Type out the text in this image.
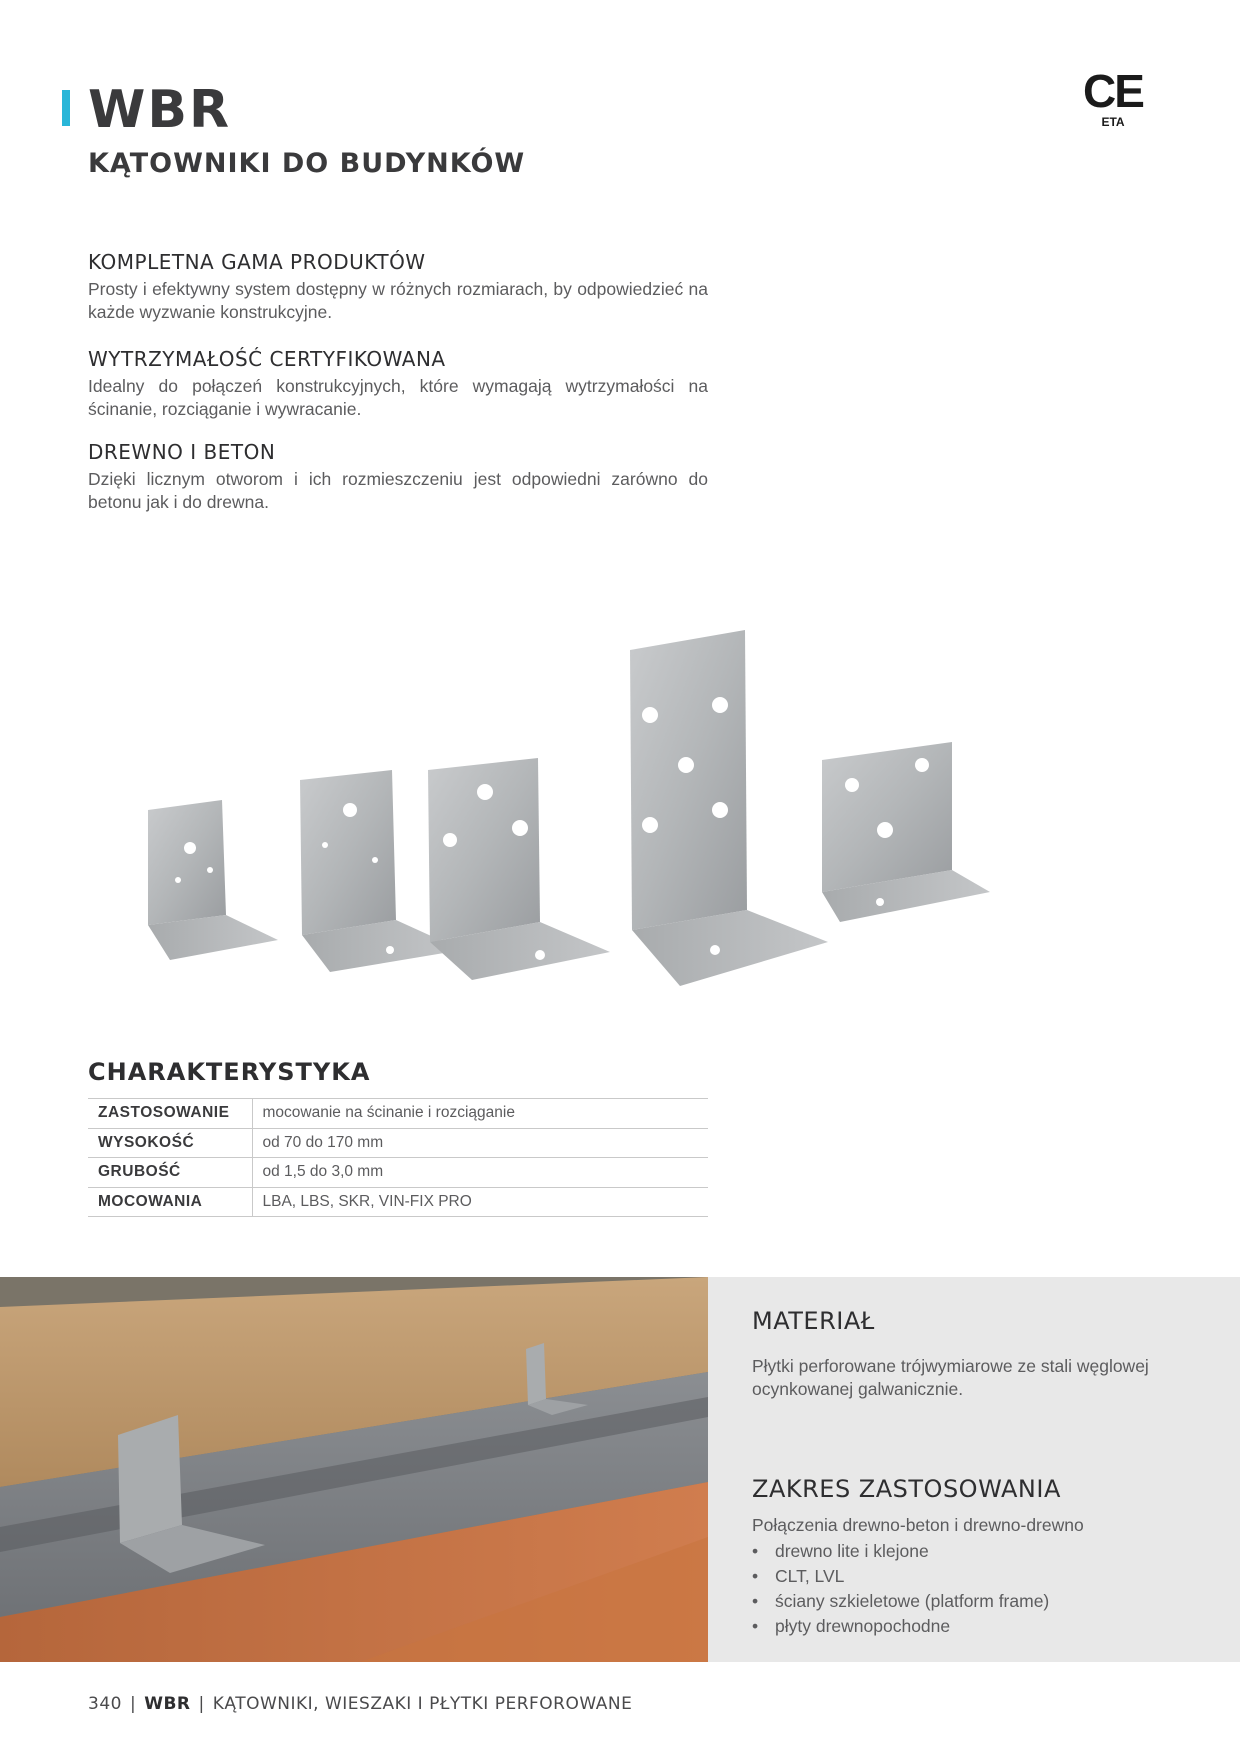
WBR
KĄTOWNIKI DO BUDYNKÓW
CE
ETA
KOMPLETNA GAMA PRODUKTÓW

Prosty i efektywny system dostępny w różnych rozmiarach, by odpowiedzieć na każde wyzwanie konstrukcyjne.

WYTRZYMAŁOŚĆ CERTYFIKOWANA

Idealny do połączeń konstrukcyjnych, które wymagają wytrzymałości na ścinanie, rozciąganie i wywracanie.

DREWNO I BETON

Dzięki licznym otworom i ich rozmieszczeniu jest odpowiedni zarówno do betonu jak i do drewna.

CHARAKTERYSTYKA
ZASTOSOWANIE	mocowanie na ścinanie i rozciąganie
WYSOKOŚĆ	od 70 do 170 mm
GRUBOŚĆ	od 1,5 do 3,0 mm
MOCOWANIA	LBA, LBS, SKR, VIN-FIX PRO
MATERIAŁ

Płytki perforowane trójwymiarowe ze stali węglowej ocynkowanej galwanicznie.

ZAKRES ZASTOSOWANIA

Połączenia drewno-beton i drewno-drewno

• drewno lite i klejone
• CLT, LVL
• ściany szkieletowe (platform frame)
• płyty drewnopochodne
340 | WBR | KĄTOWNIKI, WIESZAKI I PŁYTKI PERFOROWANE
